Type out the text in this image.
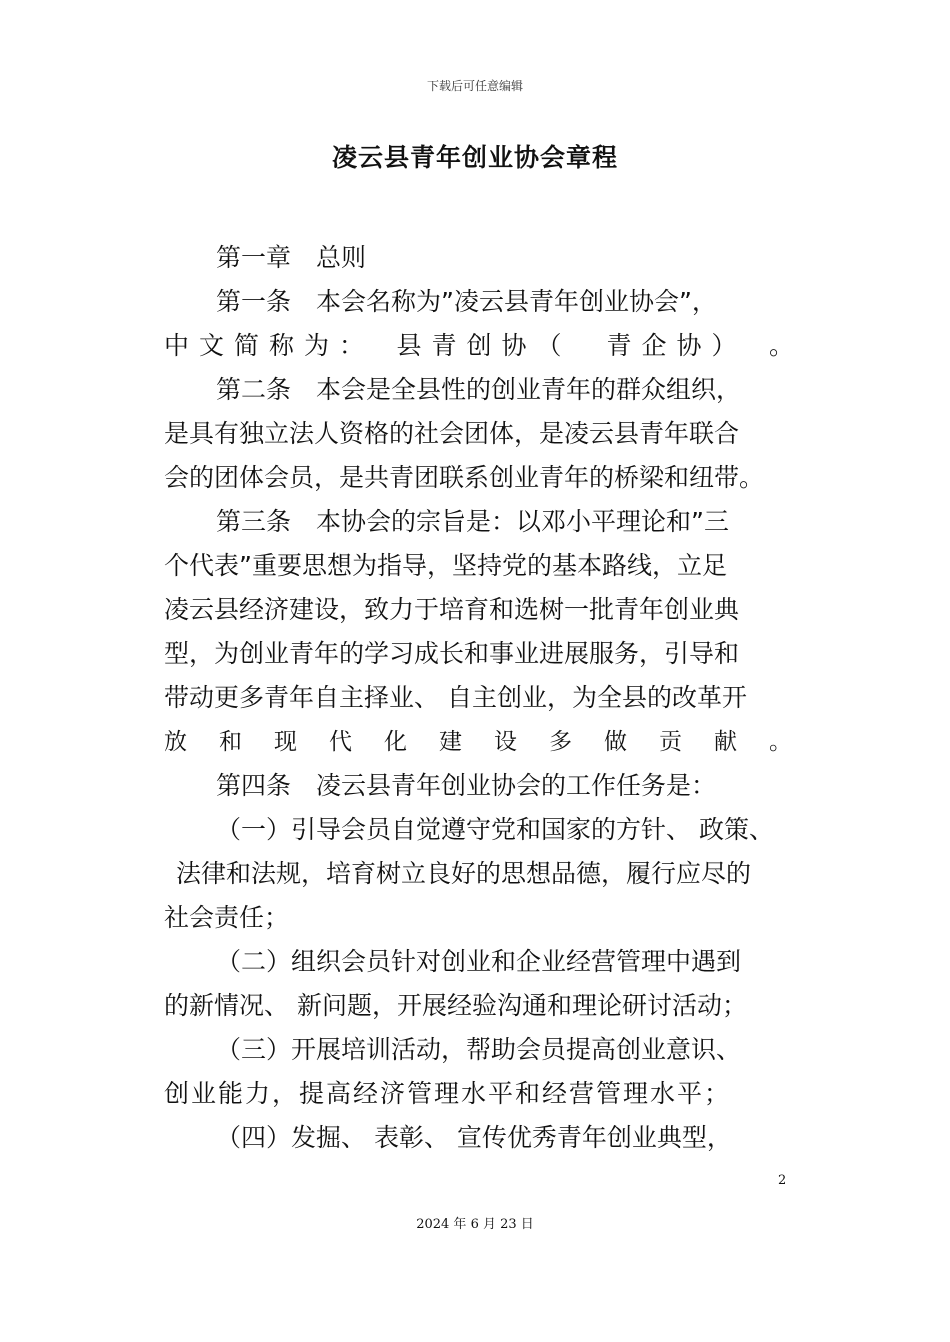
下载后可任意编辑
凌云县青年创业协会章程
第一章　总则
第一条　本会名称为”凌云县青年创业协会”，
中文简称为：　县青创协（　青企协）　。
第二条　本会是全县性的创业青年的群众组织，
是具有独立法人资格的社会团体，是凌云县青年联合
会的团体会员，是共青团联系创业青年的桥梁和纽带。
第三条　本协会的宗旨是：以邓小平理论和”三
个代表”重要思想为指导，坚持党的基本路线，立足
凌云县经济建设，致力于培育和选树一批青年创业典
型，为创业青年的学习成长和事业进展服务，引导和
带动更多青年自主择业、 自主创业，为全县的改革开
放和现代化建设多做贡献。
第四条　凌云县青年创业协会的工作任务是：
（一）引导会员自觉遵守党和国家的方针、 政策、
法律和法规，培育树立良好的思想品德，履行应尽的
社会责任；
（二）组织会员针对创业和企业经营管理中遇到
的新情况、 新问题，开展经验沟通和理论研讨活动；
（三）开展培训活动，帮助会员提高创业意识、
创业能力，提高经济管理水平和经营管理水平；
（四）发掘、 表彰、 宣传优秀青年创业典型，
2
2024 年 6 月 23 日
